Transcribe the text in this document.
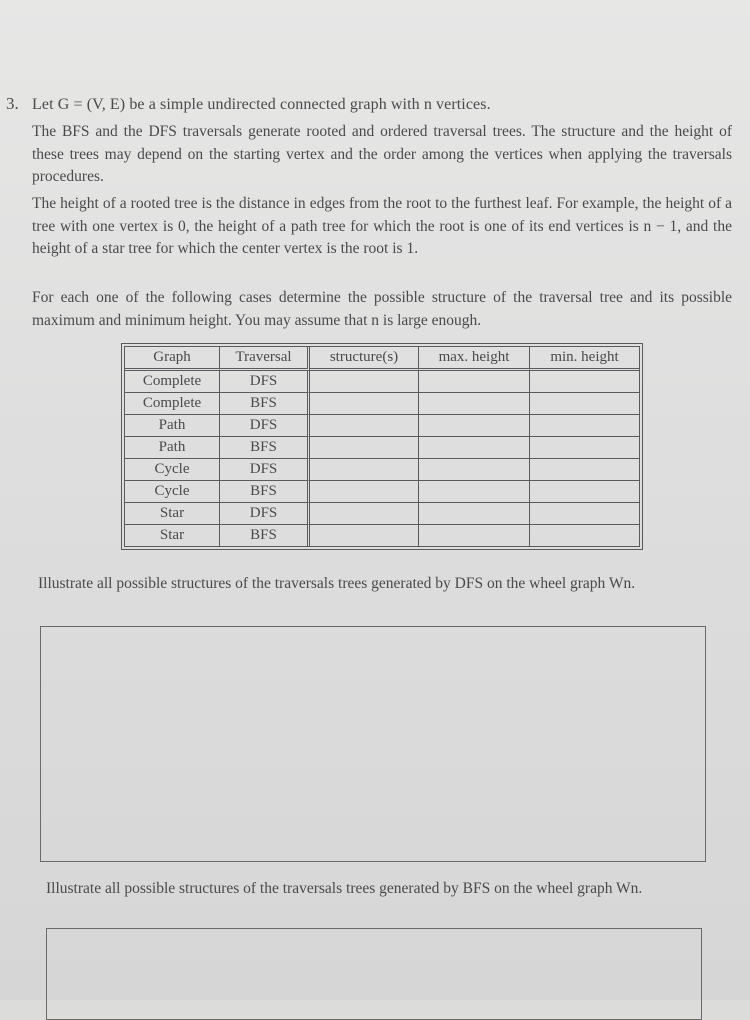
3. Let G = (V, E) be a simple undirected connected graph with n vertices.

The BFS and the DFS traversals generate rooted and ordered traversal trees. The structure and the height of these trees may depend on the starting vertex and the order among the vertices when applying the traversals procedures.

The height of a rooted tree is the distance in edges from the root to the furthest leaf. For example, the height of a tree with one vertex is 0, the height of a path tree for which the root is one of its end vertices is n − 1, and the height of a star tree for which the center vertex is the root is 1.

For each one of the following cases determine the possible structure of the traversal tree and its possible maximum and minimum height. You may assume that n is large enough.

Graph	Traversal	structure(s)	max. height	min. height
Complete	DFS			
Complete	BFS			
Path	DFS			
Path	BFS			
Cycle	DFS			
Cycle	BFS			
Star	DFS			
Star	BFS			

Illustrate all possible structures of the traversals trees generated by DFS on the wheel graph Wn.

Illustrate all possible structures of the traversals trees generated by BFS on the wheel graph Wn.
